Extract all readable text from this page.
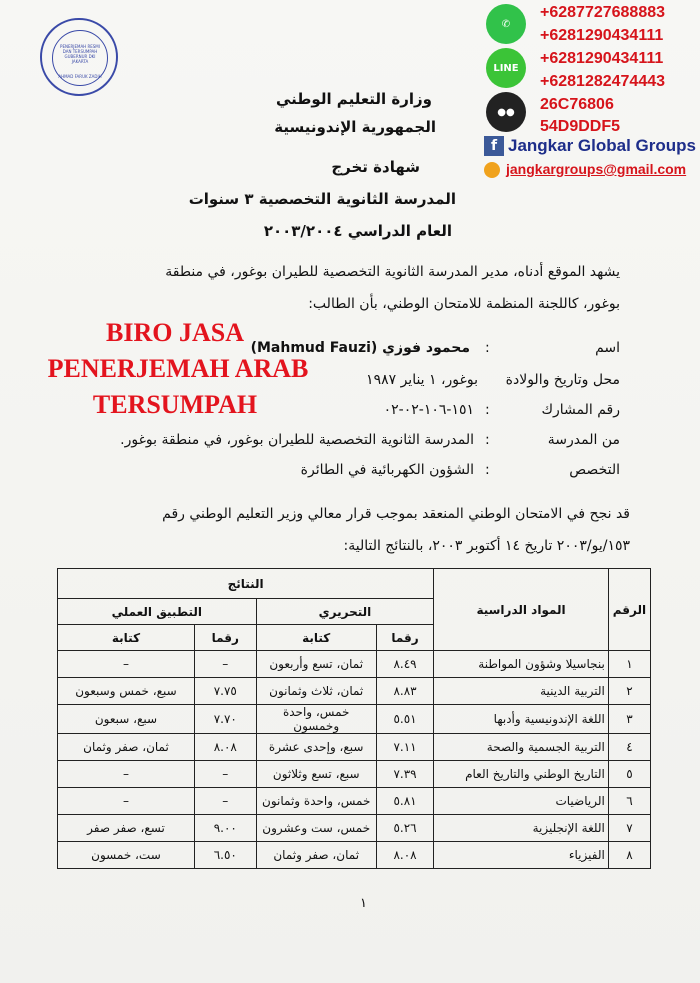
PENERJEMAH RESMI DAN TERSUMPAH GUBERNUR DKI JAKARTA
AHMAD FARUK ZADIH
✆
LINE
●●
+6287727688883
+6281290434111
+6281290434111
+6281282474443
26C76806
54D9DDF5
f Jangkar Global Groups
jangkargroups@gmail.com
وزارة التعليم الوطني
الجمهورية الإندونيسية
شهادة تخرج
المدرسة الثانوية التخصصية ٣ سنوات
العام الدراسي ٢٠٠٣/٢٠٠٤
يشهد الموقع أدناه، مدير المدرسة الثانوية التخصصية للطيران بوغور، في منطقة
بوغور، كاللجنة المنظمة للامتحان الوطني، بأن الطالب:
BIRO JASA
PENERJEMAH ARAB
TERSUMPAH
اسم
:
محمود فوزي (Mahmud Fauzi)
محل وتاريخ والولادة
بوغور، ١ يناير ١٩٨٧
رقم المشارك
:
١٥١-١٠٦-٠٢-٠٢
من المدرسة
:
المدرسة الثانوية التخصصية للطيران بوغور، في منطقة بوغور.
التخصص
:
الشؤون الكهربائية في الطائرة
قد نجح في الامتحان الوطني المنعقد بموجب قرار معالي وزير التعليم الوطني رقم
١٥٣/يو/٢٠٠٣ تاريخ ١٤ أكتوبر ٢٠٠٣، بالنتائج التالية:
الرقم	المواد الدراسية	النتائج			
		التحريري		التطبيق العملي	
		رقما	كتابة	رقما	كتابة
١	بنجاسيلا وشؤون المواطنة	٨.٤٩	ثمان، تسع وأربعون	–	–
٢	التربية الدينية	٨.٨٣	ثمان، ثلاث وثمانون	٧.٧٥	سبع، خمس وسبعون
٣	اللغة الإندونيسية وأدبها	٥.٥١	خمس، واحدة وخمسون	٧.٧٠	سبع، سبعون
٤	التربية الجسمية والصحة	٧.١١	سبع، وإحدى عشرة	٨.٠٨	ثمان، صفر وثمان
٥	التاريخ الوطني والتاريخ العام	٧.٣٩	سبع، تسع وثلاثون	–	–
٦	الرياضيات	٥.٨١	خمس، واحدة وثمانون	–	–
٧	اللغة الإنجليزية	٥.٢٦	خمس، ست وعشرون	٩.٠٠	تسع، صفر صفر
٨	الفيزياء	٨.٠٨	ثمان، صفر وثمان	٦.٥٠	ست، خمسون
١
